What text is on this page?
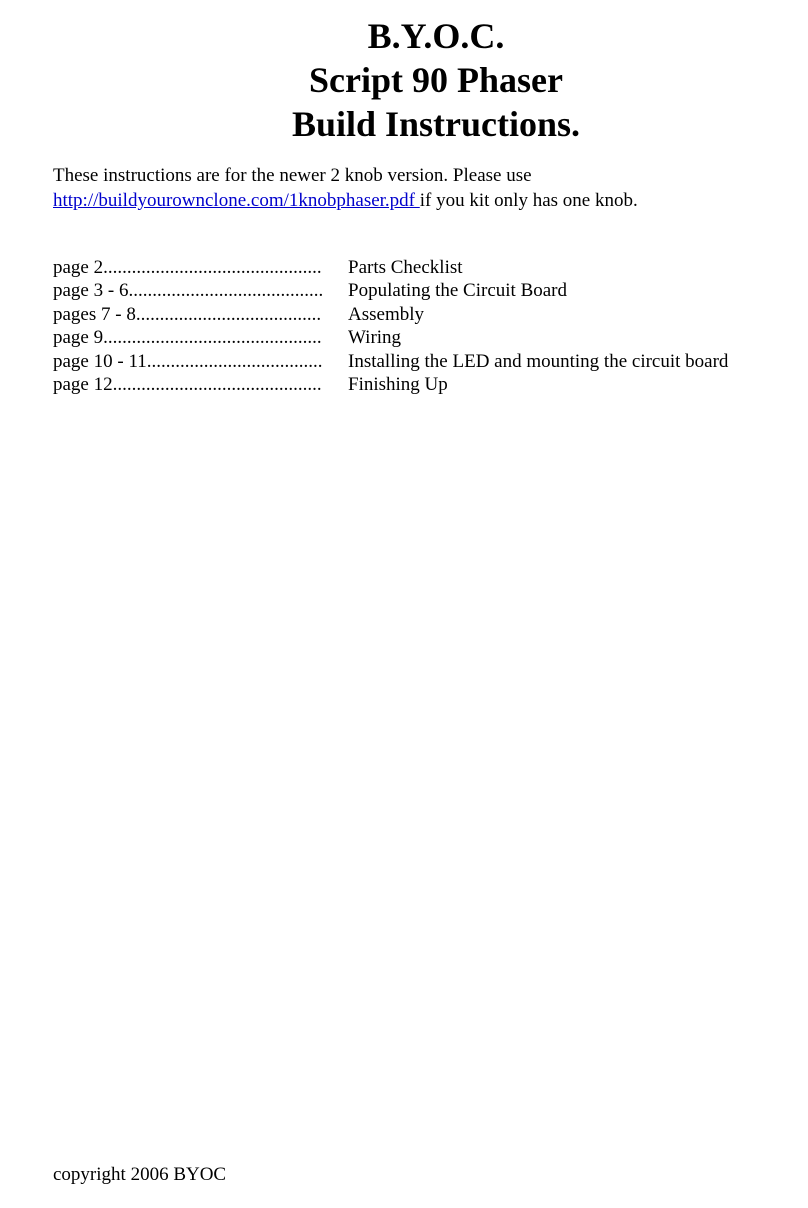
B.Y.O.C.
Script 90 Phaser
Build Instructions.
These instructions are for the newer 2 knob version. Please use
http://buildyourownclone.com/1knobphaser.pdf if you kit only has one knob.
page 2.............................................. Parts Checklist
page 3 - 6......................................... Populating the Circuit Board
pages 7 - 8....................................... Assembly
page 9.............................................. Wiring
page 10 - 11..................................... Installing the LED and mounting the circuit board
page 12............................................ Finishing Up
copyright 2006 BYOC
